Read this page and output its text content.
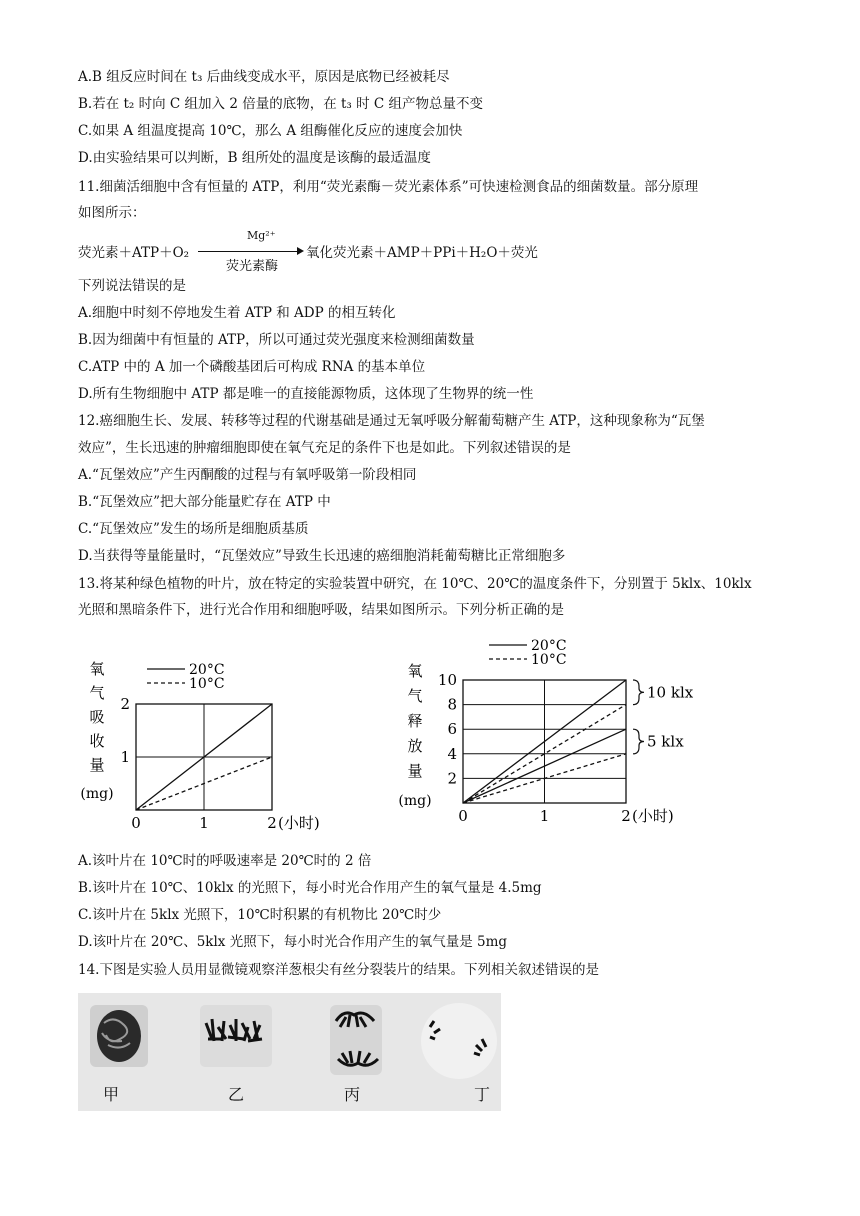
A.B 组反应时间在 t₃ 后曲线变成水平，原因是底物已经被耗尽
B.若在 t₂ 时向 C 组加入 2 倍量的底物，在 t₃ 时 C 组产物总量不变
C.如果 A 组温度提高 10℃，那么 A 组酶催化反应的速度会加快
D.由实验结果可以判断，B 组所处的温度是该酶的最适温度
11.细菌活细胞中含有恒量的 ATP，利用“荧光素酶－荧光素体系”可快速检测食品的细菌数量。部分原理
如图所示：
荧光素＋ATP＋O₂
Mg²⁺
荧光素酶
氧化荧光素＋AMP＋PPi＋H₂O＋荧光
下列说法错误的是
A.细胞中时刻不停地发生着 ATP 和 ADP 的相互转化
B.因为细菌中有恒量的 ATP，所以可通过荧光强度来检测细菌数量
C.ATP 中的 A 加一个磷酸基团后可构成 RNA 的基本单位
D.所有生物细胞中 ATP 都是唯一的直接能源物质，这体现了生物界的统一性
12.癌细胞生长、发展、转移等过程的代谢基础是通过无氧呼吸分解葡萄糖产生 ATP，这种现象称为“瓦堡
效应”，生长迅速的肿瘤细胞即使在氧气充足的条件下也是如此。下列叙述错误的是
A.“瓦堡效应”产生丙酮酸的过程与有氧呼吸第一阶段相同
B.“瓦堡效应”把大部分能量贮存在 ATP 中
C.“瓦堡效应”发生的场所是细胞质基质
D.当获得等量能量时，“瓦堡效应”导致生长迅速的癌细胞消耗葡萄糖比正常细胞多
13.将某种绿色植物的叶片，放在特定的实验装置中研究，在 10℃、20℃的温度条件下，分别置于 5klx、10klx
光照和黑暗条件下，进行光合作用和细胞呼吸，结果如图所示。下列分析正确的是
1
2
0	1	2 (小时)
氧
气
吸
收
量
(mg)
20°C
10°C
2
4
6
8
10
0	1	2 (小时)
氧
气
释
放
量
(mg)
20°C
10°C
10 klx
5 klx
A.该叶片在 10℃时的呼吸速率是 20℃时的 2 倍
B.该叶片在 10℃、10klx 的光照下，每小时光合作用产生的氧气量是 4.5mg
C.该叶片在 5klx 光照下，10℃时积累的有机物比 20℃时少
D.该叶片在 20℃、5klx 光照下，每小时光合作用产生的氧气量是 5mg
14.下图是实验人员用显微镜观察洋葱根尖有丝分裂装片的结果。下列相关叙述错误的是
甲	乙	丙	丁
